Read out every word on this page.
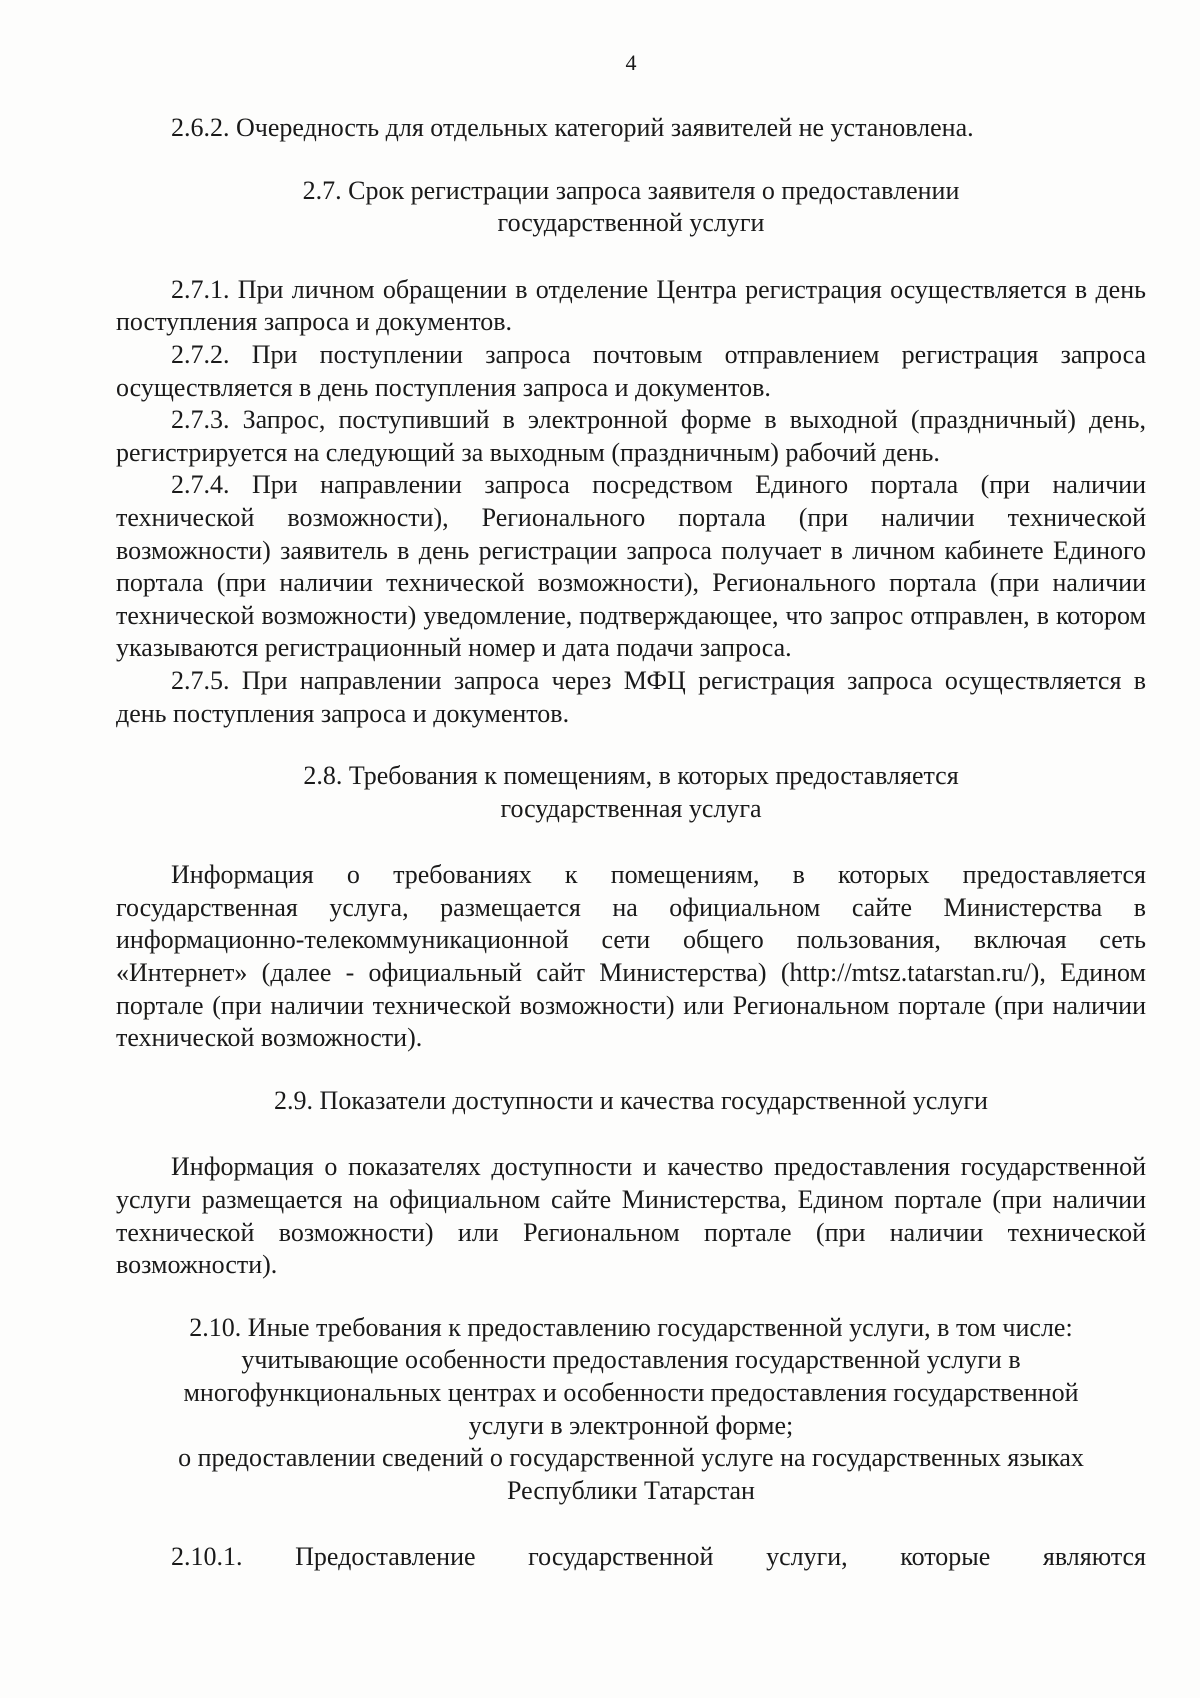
4

2.6.2. Очередность для отдельных категорий заявителей не установлена.

2.7. Срок регистрации запроса заявителя о предоставлении
государственной услуги

2.7.1. При личном обращении в отделение Центра регистрация осуществляется в день поступления запроса и документов.

2.7.2. При поступлении запроса почтовым отправлением регистрация запроса осуществляется в день поступления запроса и документов.

2.7.3. Запрос, поступивший в электронной форме в выходной (праздничный) день, регистрируется на следующий за выходным (праздничным) рабочий день.

2.7.4. При направлении запроса посредством Единого портала (при наличии технической возможности), Регионального портала (при наличии технической возможности) заявитель в день регистрации запроса получает в личном кабинете Единого портала (при наличии технической возможности), Регионального портала (при наличии технической возможности) уведомление, подтверждающее, что запрос отправлен, в котором указываются регистрационный номер и дата подачи запроса.

2.7.5. При направлении запроса через МФЦ регистрация запроса осуществляется в день поступления запроса и документов.

2.8. Требования к помещениям, в которых предоставляется
государственная услуга

Информация о требованиях к помещениям, в которых предоставляется государственная услуга, размещается на официальном сайте Министерства в информационно-телекоммуникационной сети общего пользования, включая сеть «Интернет» (далее - официальный сайт Министерства) (http://mtsz.tatarstan.ru/), Едином портале (при наличии технической возможности) или Региональном портале (при наличии технической возможности).

2.9. Показатели доступности и качества государственной услуги

Информация о показателях доступности и качество предоставления государственной услуги размещается на официальном сайте Министерства, Едином портале (при наличии технической возможности) или Региональном портале (при наличии технической возможности).

2.10. Иные требования к предоставлению государственной услуги, в том числе:
учитывающие особенности предоставления государственной услуги в
многофункциональных центрах и особенности предоставления государственной
услуги в электронной форме;
о предоставлении сведений о государственной услуге на государственных языках
Республики Татарстан

2.10.1. Предоставление государственной услуги, которые являются
